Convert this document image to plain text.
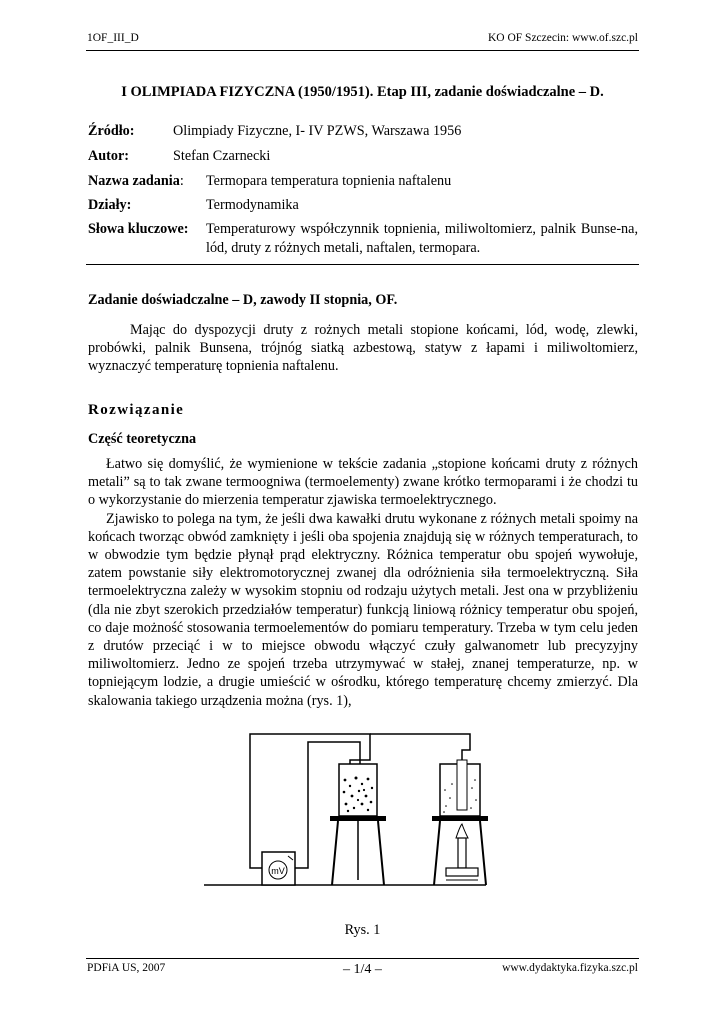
1OF_III_D	KO OF Szczecin: www.of.szc.pl
I OLIMPIADA FIZYCZNA (1950/1951). Etap III, zadanie doświadczalne – D.
Źródło:	Olimpiady Fizyczne, I- IV PZWS, Warszawa 1956
Autor:	Stefan Czarnecki
Nazwa zadania: Termopara temperatura topnienia naftalenu
Działy:	Termodynamika
Słowa kluczowe: Temperaturowy współczynnik topnienia, miliwoltomierz, palnik Bunse-na, lód, druty z różnych metali, naftalen, termopara.
Zadanie doświadczalne – D, zawody II stopnia, OF.

Mając do dyspozycji druty z rożnych metali stopione końcami, lód, wodę, zlewki, probówki, palnik Bunsena, trójnóg siatką azbestową, statyw z łapami i miliwoltomierz, wyznaczyć temperaturę topnienia naftalenu.

Rozwiązanie
Część teoretyczna

Łatwo się domyślić, że wymienione w tekście zadania „stopione końcami druty z różnych metali” są to tak zwane termoogniwa (termoelementy) zwane krótko termoparami i że chodzi tu o wykorzystanie do mierzenia temperatur zjawiska termoelektrycznego.

Zjawisko to polega na tym, że jeśli dwa kawałki drutu wykonane z różnych metali spoimy na końcach tworząc obwód zamknięty i jeśli oba spojenia znajdują się w różnych temperaturach, to w obwodzie tym będzie płynął prąd elektryczny. Różnica temperatur obu spojeń wywołuje, zatem powstanie siły elektromotorycznej zwanej dla odróżnienia siła termoelektryczną. Siła termoelektryczna zależy w wysokim stopniu od rodzaju użytych metali. Jest ona w przybliżeniu (dla nie zbyt szerokich przedziałów temperatur) funkcją liniową różnicy temperatur obu spojeń, co daje możność stosowania termoelementów do pomiaru temperatury. Trzeba w tym celu jeden z drutów przeciąć i w to miejsce obwodu włączyć czuły galwanometr lub precyzyjny miliwoltomierz. Jedno ze spojeń trzeba utrzymywać w stałej, znanej temperaturze, np. w topniejącym lodzie, a drugie umieścić w ośrodku, którego temperaturę chcemy zmierzyć. Dla skalowania takiego urządzenia można (rys. 1),

mV
Rys. 1
PDFiA US, 2007	– 1/4 –	www.dydaktyka.fizyka.szc.pl
